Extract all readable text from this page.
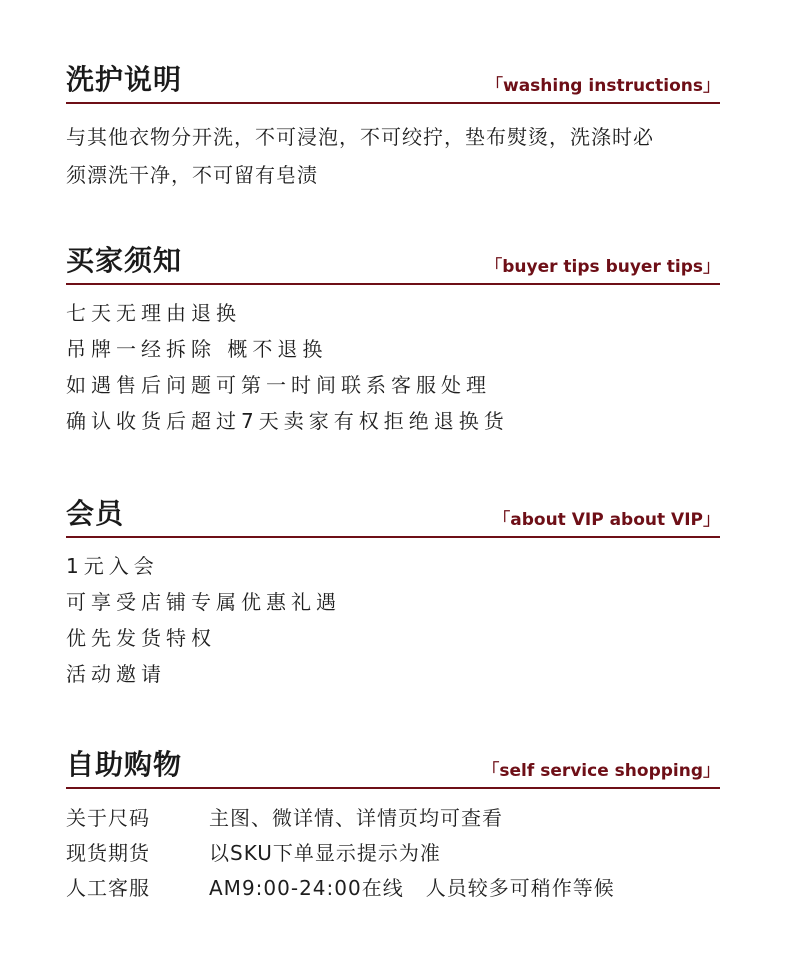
洗护说明	「washing instructions」
与其他衣物分开洗，不可浸泡，不可绞拧，垫布熨烫，洗涤时必
须漂洗干净，不可留有皂渍
买家须知	「buyer tips buyer tips」
七天无理由退换
吊牌一经拆除 概不退换
如遇售后问题可第一时间联系客服处理
确认收货后超过7天卖家有权拒绝退换货
会员	「about VIP about VIP」
1元入会
可享受店铺专属优惠礼遇
优先发货特权
活动邀请
自助购物	「self service shopping」
关于尺码	主图、微详情、详情页均可查看
现货期货	以SKU下单显示提示为准
人工客服	AM9:00-24:00在线   人员较多可稍作等候
